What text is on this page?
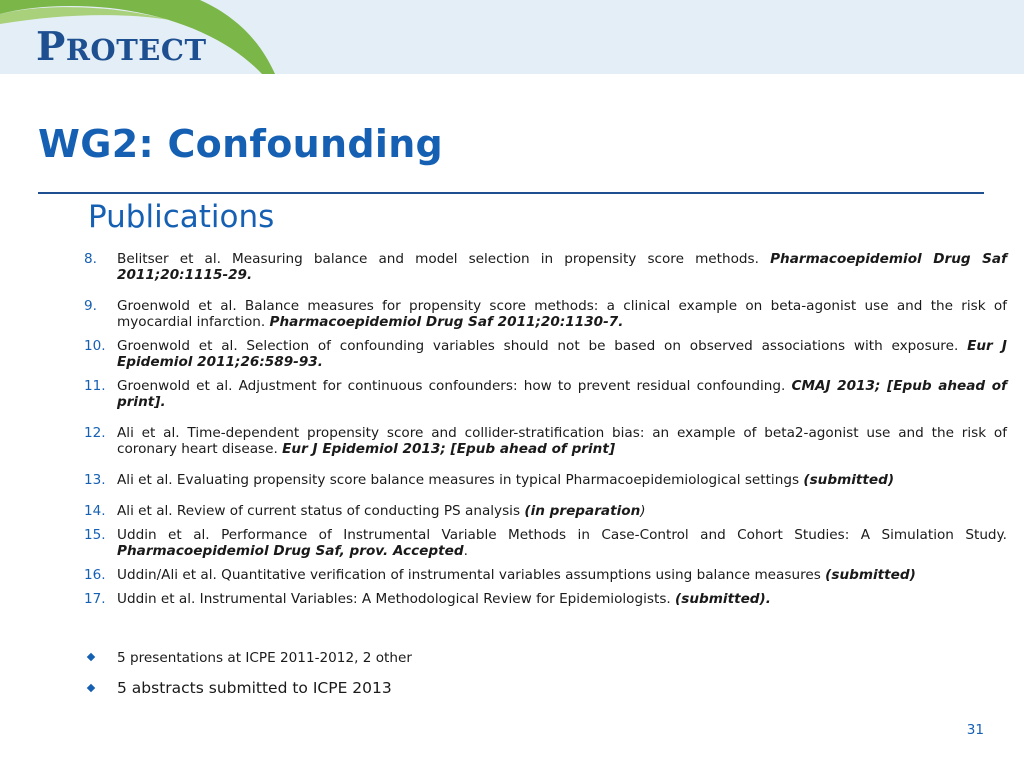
PROTECT
WG2: Confounding
Publications
8. Belitser et al. Measuring balance and model selection in propensity score methods. Pharmacoepidemiol Drug Saf 2011;20:1115-29.
9. Groenwold et al. Balance measures for propensity score methods: a clinical example on beta-agonist use and the risk of myocardial infarction. Pharmacoepidemiol Drug Saf 2011;20:1130-7.
10. Groenwold et al. Selection of confounding variables should not be based on observed associations with exposure. Eur J Epidemiol 2011;26:589-93.
11. Groenwold et al. Adjustment for continuous confounders: how to prevent residual confounding. CMAJ 2013; [Epub ahead of print].
12. Ali et al. Time-dependent propensity score and collider-stratification bias: an example of beta2-agonist use and the risk of coronary heart disease. Eur J Epidemiol 2013; [Epub ahead of print]
13. Ali et al. Evaluating propensity score balance measures in typical Pharmacoepidemiological settings (submitted)
14. Ali et al. Review of current status of conducting PS analysis (in preparation)
15. Uddin et al. Performance of Instrumental Variable Methods in Case-Control and Cohort Studies: A Simulation Study. Pharmacoepidemiol Drug Saf, prov. Accepted.
16. Uddin/Ali et al. Quantitative verification of instrumental variables assumptions using balance measures (submitted)
17. Uddin et al. Instrumental Variables: A Methodological Review for Epidemiologists. (submitted).
5 presentations at ICPE 2011-2012, 2 other
5 abstracts submitted to ICPE 2013
31
